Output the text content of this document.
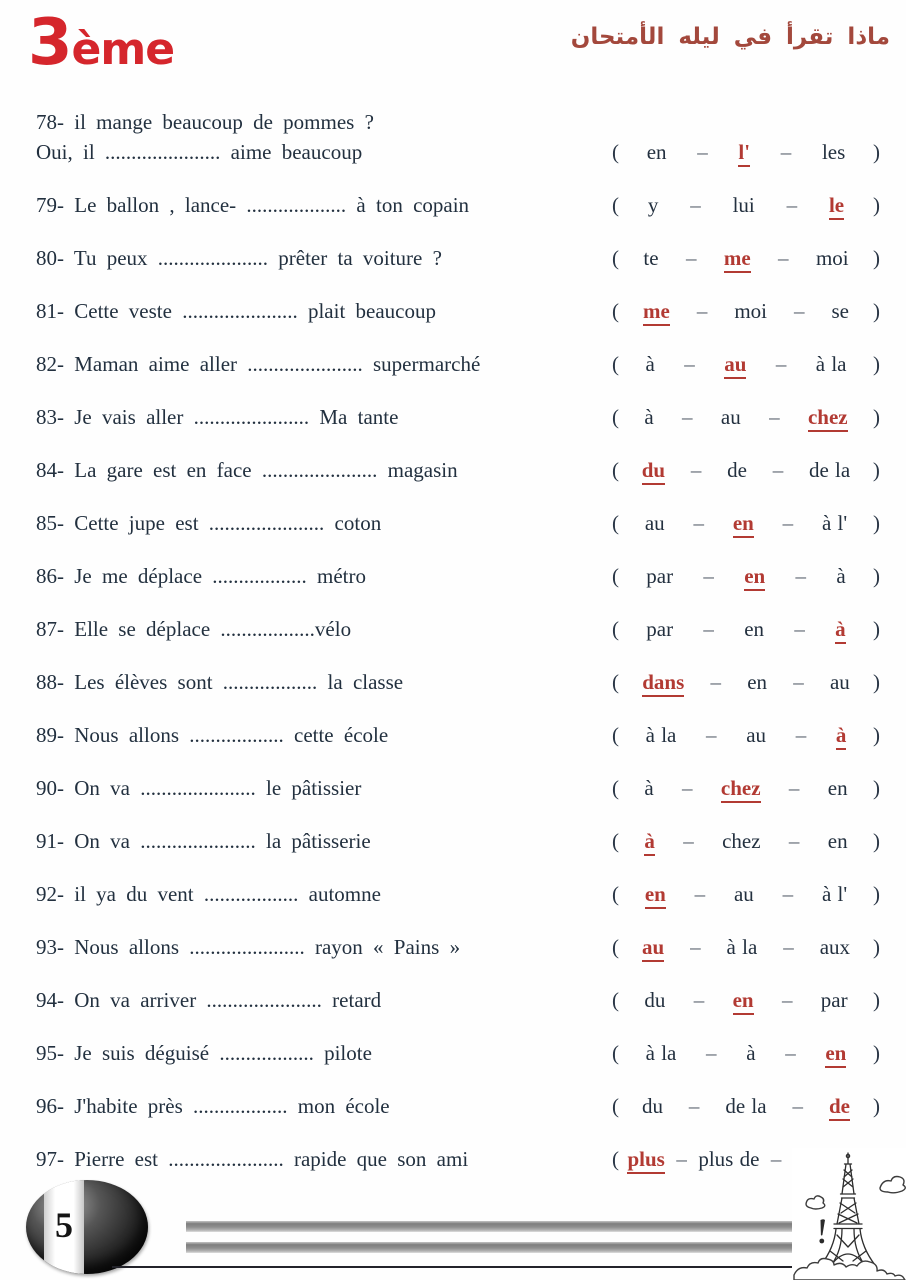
3ème	ماذا تقرأ في ليله الأمتحان
78- il mange beaucoup de pommes ?
Oui, il ...................... aime beaucoup	( en – l' – les )
79- Le ballon , lance- ................... à ton copain	( y – lui – le )
80- Tu peux ..................... prêter ta voiture ?	( te – me – moi )
81- Cette veste ...................... plait beaucoup	( me – moi – se )
82- Maman aime aller ...................... supermarché	( à – au – à la )
83- Je vais aller ...................... Ma tante	( à – au – chez )
84- La gare est en face ...................... magasin	( du – de – de la )
85- Cette jupe est ...................... coton	( au – en – à l' )
86- Je me déplace .................. métro	( par – en – à )
87- Elle se déplace ..................vélo	( par – en – à )
88- Les élèves sont .................. la classe	( dans – en – au )
89- Nous allons .................. cette école	( à la – au – à )
90- On va ...................... le pâtissier	( à – chez – en )
91- On va ...................... la pâtisserie	( à – chez – en )
92- il ya du vent .................. automne	( en – au – à l' )
93- Nous allons ...................... rayon « Pains »	( au – à la – aux )
94- On va arriver ...................... retard	( du – en – par )
95- Je suis déguisé .................. pilote	( à la – à – en )
96- J'habite près .................. mon école	( du – de la – de )
97- Pierre est ...................... rapide que son ami	( plus – plus de –
5
